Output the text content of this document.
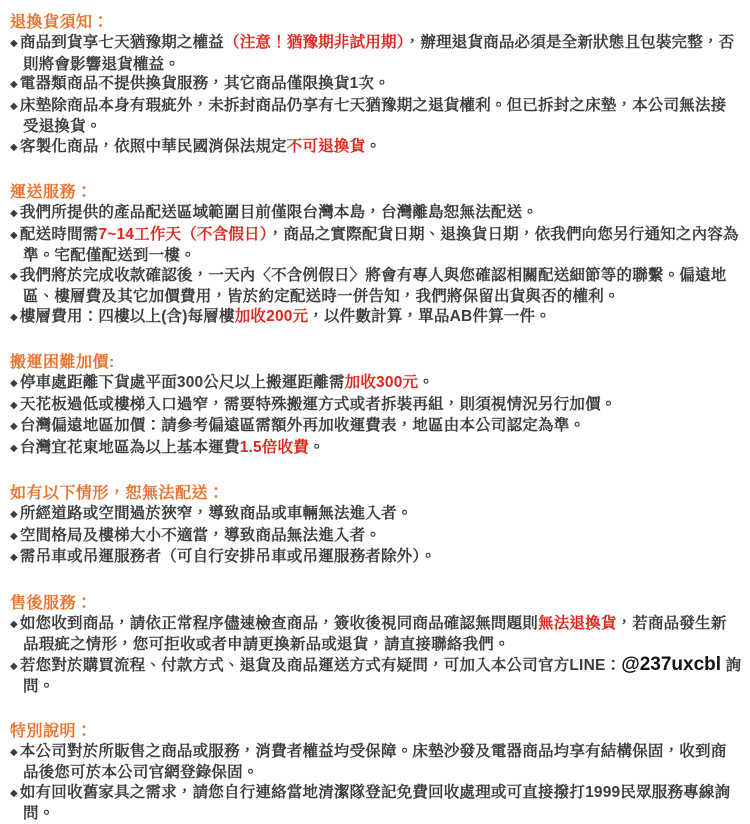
退換貨須知：
◆ 商品到貨享七天猶豫期之權益（注意！猶豫期非試用期），辦理退貨商品必須是全新狀態且包裝完整，否則將會影響退貨權益。
◆ 電器類商品不提供換貨服務，其它商品僅限換貨1次。
◆ 床墊除商品本身有瑕疵外，未拆封商品仍享有七天猶豫期之退貨權利。但已拆封之床墊，本公司無法接受退換貨。
◆ 客製化商品，依照中華民國消保法規定不可退換貨。
運送服務：
◆ 我們所提供的產品配送區域範圍目前僅限台灣本島，台灣離島恕無法配送。
◆ 配送時間需7~14工作天（不含假日），商品之實際配貨日期、退換貨日期，依我們向您另行通知之內容為準。宅配僅配送到一樓。
◆ 我們將於完成收款確認後，一天內〈不含例假日〉將會有專人與您確認相關配送細節等的聯繫。偏遠地區、樓層費及其它加價費用，皆於約定配送時一併告知，我們將保留出貨與否的權利。
◆ 樓層費用：四樓以上(含)每層樓加收200元，以件數計算，單品AB件算一件。
搬運困難加價:
◆ 停車處距離下貨處平面300公尺以上搬運距離需加收300元。
◆ 天花板過低或樓梯入口過窄，需要特殊搬運方式或者拆裝再組，則須視情況另行加價。
◆ 台灣偏遠地區加價：請參考偏遠區需額外再加收運費表，地區由本公司認定為準。
◆ 台灣宜花東地區為以上基本運費1.5倍收費。
如有以下情形，恕無法配送：
◆ 所經道路或空間過於狹窄，導致商品或車輛無法進入者。
◆ 空間格局及樓梯大小不適當，導致商品無法進入者。
◆ 需吊車或吊運服務者（可自行安排吊車或吊運服務者除外）。
售後服務：
◆ 如您收到商品，請依正常程序儘速檢查商品，簽收後視同商品確認無問題則無法退換貨，若商品發生新品瑕疵之情形，您可拒收或者申請更換新品或退貨，請直接聯絡我們。
◆ 若您對於購買流程、付款方式、退貨及商品運送方式有疑問，可加入本公司官方LINE：@237uxcbl 詢問。
特別說明：
◆ 本公司對於所販售之商品或服務，消費者權益均受保障。床墊沙發及電器商品均享有結構保固，收到商品後您可於本公司官網登錄保固。
◆ 如有回收舊家具之需求，請您自行連絡當地清潔隊登記免費回收處理或可直接撥打1999民眾服務專線詢問。
